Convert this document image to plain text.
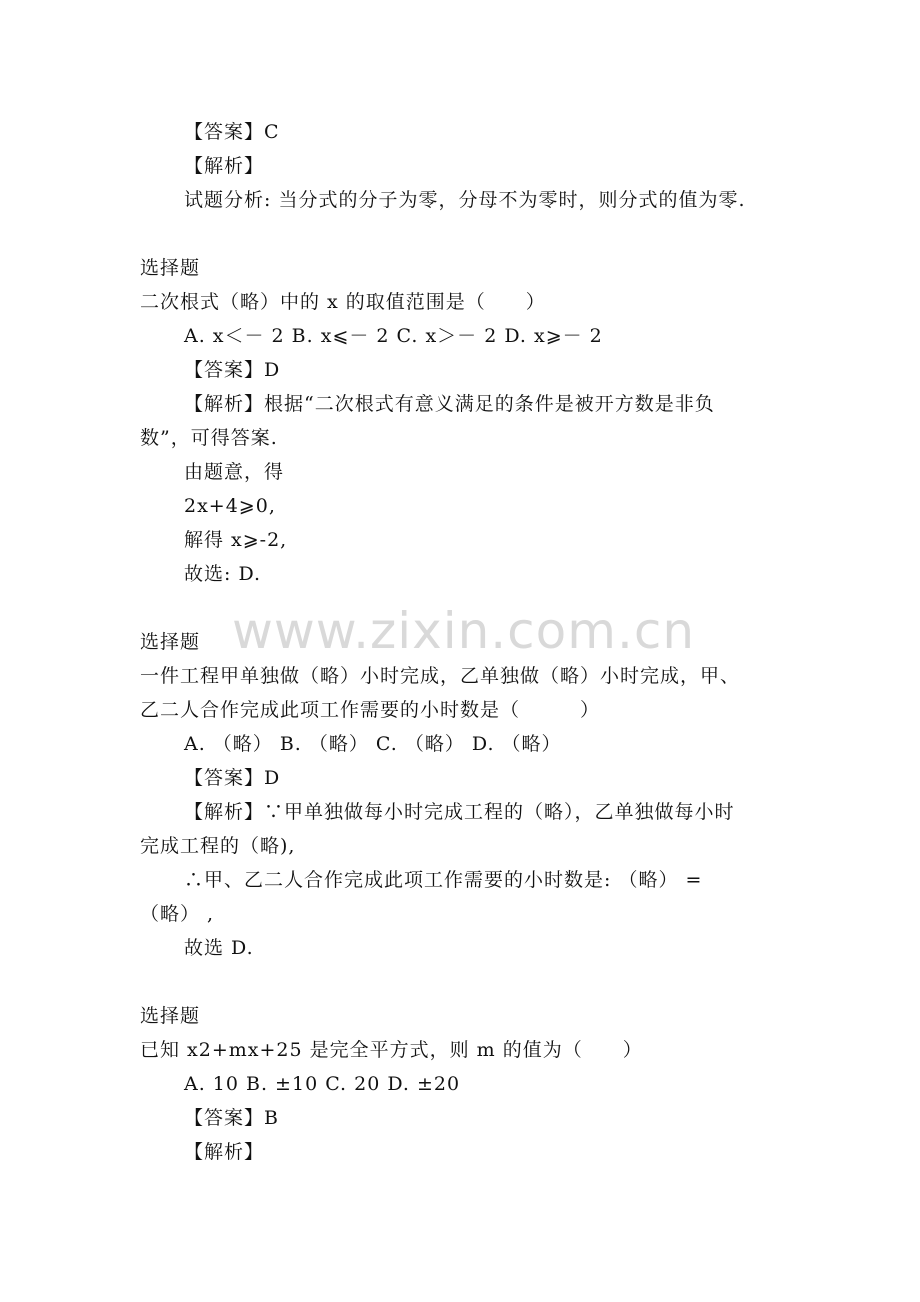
www.zixin.com.cn
【答案】C
【解析】
试题分析: 当分式的分子为零，分母不为零时，则分式的值为零.
选择题
二次根式（略）中的 x 的取值范围是（　　）
A. x＜－ 2 B. x⩽－ 2 C. x＞－ 2 D. x⩾－ 2
【答案】D
【解析】根据“二次根式有意义满足的条件是被开方数是非负
数”，可得答案.
由题意，得
2x+4⩾0,
解得 x⩾-2,
故选: D.
选择题
一件工程甲单独做（略）小时完成，乙单独做（略）小时完成，甲、
乙二人合作完成此项工作需要的小时数是（　　　）
A. （略） B. （略） C. （略） D. （略）
【答案】D
【解析】∵甲单独做每小时完成工程的（略），乙单独做每小时
完成工程的（略),
∴甲、乙二人合作完成此项工作需要的小时数是: （略） =
（略） ,
故选 D.
选择题
已知 x2+mx+25 是完全平方式，则 m 的值为（　　）
A. 10 B. ±10 C. 20 D. ±20
【答案】B
【解析】
